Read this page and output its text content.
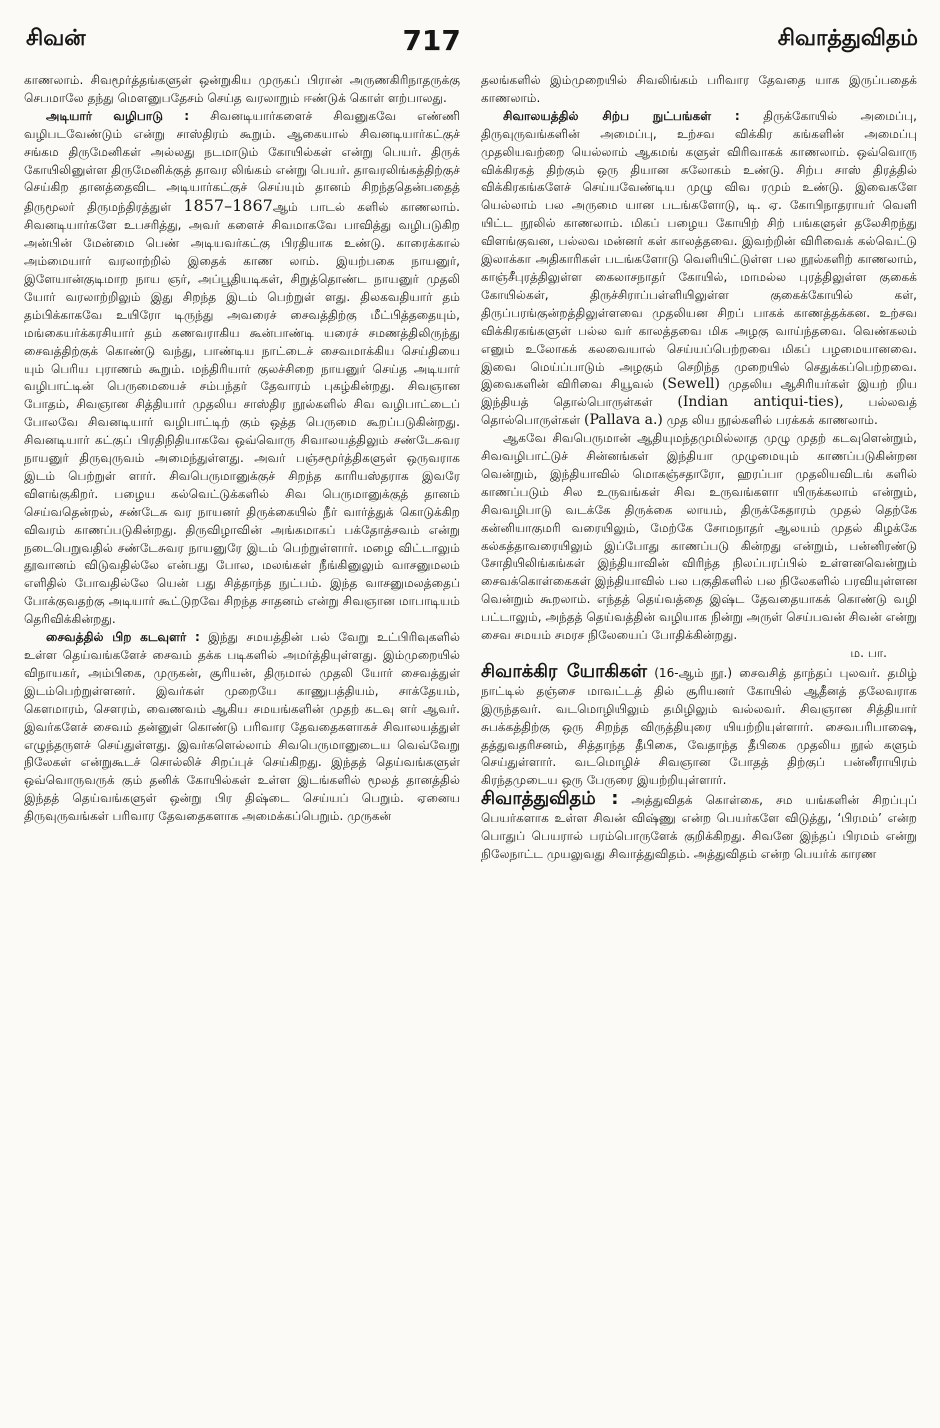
சிவன்	717	சிவாத்துவிதம்

காணலாம். சிவமூர்த்தங்களுள் ஒன்றுகிய முருகப் பிரான் அருணகிரிநாதருக்கு செபமாலே தந்து மௌனுபதேசம் செய்த வரலாறும் ஈண்டுக் கொள் ளற்பாலது.

அடியார் வழிபாடு : சிவனடியார்களைச் சிவனுகவே எண்ணி வழிபடவேண்டும் என்று சாஸ்திரம் கூறும். ஆகையால் சிவனடியார்கட்குச் சங்கம திருமேனிகள் அல்லது நடமாடும் கோயில்கள் என்று பெயர். திருக் கோயிலினுள்ள திருமேனிக்குத் தாவர லிங்கம் என்று பெயர். தாவரலிங்கத்திற்குச் செய்கிற தானத்தைவிட அடியார்கட்குச் செய்யும் தானம் சிறந்ததென்பதைத் திருமூலர் திருமந்திரத்துள் 1857–1867ஆம் பாடல் களில் காணலாம். சிவனடியார்களே உபசரித்து, அவர் களைச் சிவமாகவே பாவித்து வழிபடுகிற அன்பின் மேன்மை பெண் அடியவர்கட்கு பிரதியாக உண்டு. காரைக்கால் அம்மையார் வரலாற்றில் இதைக் காண லாம். இயற்பகை நாயனுர், இளேயான்குடிமாற நாய ஞர், அப்பூதியடிகள், சிறுத்தொண்ட நாயனுர் முதலி யோர் வரலாற்றிலும் இது சிறந்த இடம் பெற்றுள் ளது. திலகவதியார் தம் தம்பிக்காகவே உயிரோ டிருந்து அவரைச் சைவத்திற்கு மீட்பித்ததையும், மங்கையர்க்கரசியார் தம் கணவராகிய கூன்பாண்டி யரைச் சமணத்திலிருந்து சைவத்திற்குக் கொண்டு வந்து, பாண்டிய நாட்டைச் சைவமாக்கிய செய்தியை யும் பெரிய புராணம் கூறும். மந்திரியார் குலச்சிறை நாயனுர் செய்த அடியார் வழிபாட்டின் பெருமையைச் சம்பந்தர் தேவாரம் புகழ்கின்றது. சிவஞான போதம், சிவஞான சித்தியார் முதலிய சாஸ்திர நூல்களில் சிவ வழிபாட்டைப் போலவே சிவனடியார் வழிபாட்டிற் கும் ஒத்த பெருமை கூறப்படுகின்றது. சிவனடியார் கட்குப் பிரதிநிதியாகவே ஒவ்வொரு சிவாலயத்திலும் சண்டேசுவர நாயனுர் திருவுருவம் அமைந்துள்ளது. அவர் பஞ்சமூர்த்திகளுள் ஒருவராக இடம் பெற்றுள் ளார். சிவபெருமானுக்குச் சிறந்த காரியஸ்தராக இவரே விளங்குகிறர். பழைய கல்வெட்டுக்களில் சிவ பெருமானுக்குத் தானம் செய்வதென்றல், சண்டேசு வர நாயனர் திருக்கையில் நீர் வார்த்துக் கொடுக்கிற விவரம் காணப்படுகின்றது. திருவிழாவின் அங்கமாகப் பக்தோத்சவம் என்று நடைபெறுவதில் சண்டேசுவர நாயனுரே இடம் பெற்றுள்ளார். மழை விட்டாலும் தூவானம் விடுவதில்லே என்பது போல, மலங்கள் நீங்கினுலும் வாசனுமலம் எளிதில் போவதில்லே யென் பது சித்தாந்த நுட்பம். இந்த வாசனுமலத்தைப் போக்குவதற்கு அடியார் கூட்டுறவே சிறந்த சாதனம் என்று சிவஞான மாபாடியம் தெரிவிக்கின்றது.

சைவத்தில் பிற கடவுளர் : இந்து சமயத்தின் பல் வேறு உட்பிரிவுகளில் உள்ள தெய்வங்களேச் சைவம் தக்க படிகளில் அமர்த்தியுள்ளது. இம்முறையில் விநாயகர், அம்பிகை, முருகன், சூரியன், திருமால் முதலி யோர் சைவத்துள் இடம்பெற்றுள்ளனர். இவர்கள் முறையே காணுபத்தியம், சாக்தேயம், கௌமாரம், சௌரம், வைணவம் ஆகிய சமயங்களின் முதற் கடவு ளர் ஆவர். இவர்களேச் சைவம் தன்னுள் கொண்டு பரிவார தேவதைகளாகச் சிவாலயத்துள் எழுந்தருளச் செய்துள்ளது. இவர்களெல்லாம் சிவபெருமானுடைய வெவ்வேறு நிலேகள் என்றுகூடச் சொல்லிச் சிறப்புச் செய்கிறது. இந்தத் தெய்வங்களுள் ஒவ்வொருவருக் கும் தனிக் கோயில்கள் உள்ள இடங்களில் மூலத் தானத்தில் இந்தத் தெய்வங்களுள் ஒன்று பிர திஷ்டை செய்யப் பெறும். ஏனைய திருவுருவங்கள் பரிவார தேவதைகளாக அமைக்கப்பெறும். முருகன்

தலங்களில் இம்முறையில் சிவலிங்கம் பரிவார தேவதை யாக இருப்பதைக் காணலாம்.

சிவாலயத்தில் சிற்ப நுட்பங்கள் : திருக்கோயில் அமைப்பு, திருவுருவங்களின் அமைப்பு, உற்சவ விக்கிர கங்களின் அமைப்பு முதலியவற்றை யெல்லாம் ஆகமங் களுள் விரிவாகக் காணலாம். ஒவ்வொரு விக்கிரகத் திற்கும் ஒரு தியான சுலோகம் உண்டு. சிற்ப சாஸ் திரத்தில் விக்கிரகங்களேச் செய்யவேண்டிய முழு விவ ரமும் உண்டு. இவைகளே யெல்லாம் பல அருமை யான படங்களோடு, டி. ஏ. கோபிநாதராயர் வெளி யிட்ட நூலில் காணலாம். மிகப் பழைய கோயிற் சிற் பங்களுள் தலேசிறந்து விளங்குவன, பல்லவ மன்னர் கள் காலத்தவை. இவற்றின் விரிவைக் கல்வெட்டு இலாக்கா அதிகாரிகள் படங்களோடு வெளியிட்டுள்ள பல நூல்களிற் காணலாம், காஞ்சீபுரத்திலுள்ள கைலாசநாதர் கோயில், மாமல்ல புரத்திலுள்ள குகைக் கோயில்கள், திருச்சிராப்பள்ளியிலுள்ள குகைக்கோயில் கள், திருப்பரங்குன்றத்திலுள்ளவை முதலியன சிறப் பாகக் காணத்தக்கன. உற்சவ விக்கிரகங்களுள் பல்ல வர் காலத்தவை மிக அழகு வாய்ந்தவை. வெண்கலம் எனும் உலோகக் கலவையால் செய்யப்பெற்றவை மிகப் பழமையானவை. இவை மெய்ப்பாடும் அழகும் செறிந்த முறையில் செதுக்கப்பெற்றவை. இவைகளின் விரிவை சியூவல் (Sewell) முதலிய ஆசிரியர்கள் இயற் றிய இந்தியத் தொல்பொருள்கள் (Indian antiqui-ties), பல்லவத் தொல்பொருள்கள் (Pallava a.) முத லிய நூல்களில் பரக்கக் காணலாம்.

ஆகவே சிவபெருமான் ஆதியுமந்தமுமில்லாத முழு முதற் கடவுளென்றும், சிவவழிபாட்டுச் சின்னங்கள் இந்தியா முழுமையும் காணப்படுகின்றன வென்றும், இந்தியாவில் மொகஞ்சதாரோ, ஹரப்பா முதலியவிடங் களில் காணப்படும் சில உருவங்கள் சிவ உருவங்களா யிருக்கலாம் என்றும், சிவவழிபாடு வடக்கே திருக்கை லாயம், திருக்கேதாரம் முதல் தெற்கே கன்னியாகுமரி வரையிலும், மேற்கே சோமநாதர் ஆலயம் முதல் கிழக்கே கல்கத்தாவரையிலும் இப்போது காணப்படு கின்றது என்றும், பன்னிரண்டு சோதியிலிங்கங்கள் இந்தியாவின் விரிந்த நிலப்பரப்பில் உள்ளனவென்றும் சைவக்கொள்கைகள் இந்தியாவில் பல பகுதிகளில் பல நிலேகளில் பரவியுள்ளன வென்றும் கூறலாம். எந்தத் தெய்வத்தை இஷ்ட தேவதையாகக் கொண்டு வழி பட்டாலும், அந்தத் தெய்வத்தின் வழியாக நின்று அருள் செய்பவன் சிவன் என்று சைவ சமயம் சமரச நிலேயைப் போதிக்கின்றது.

ம. பா.

சிவாக்கிர யோகிகள் (16-ஆம் நூ.) சைவசித் தாந்தப் புலவர். தமிழ் நாட்டில் தஞ்சை மாவட்டத் தில் சூரியனர் கோயில் ஆதீனத் தலேவராக இருந்தவர். வடமொழியிலும் தமிழிலும் வல்லவர். சிவஞான சித்தியார் சுபக்கத்திற்கு ஒரு சிறந்த விருத்தியுரை யியற்றியுள்ளார். சைவபரிபாஷை, தத்துவதரிசனம், சித்தாந்த தீபிகை, வேதாந்த தீபிகை முதலிய நூல் களும் செய்துள்ளார். வடமொழிச் சிவஞான போதத் திற்குப் பன்னீராயிரம் கிரந்தமுடைய ஒரு பேருரை இயற்றியுள்ளார்.

சிவாத்துவிதம் : அத்துவிதக் கொள்கை, சம யங்களின் சிறப்புப் பெயர்களாக உள்ள சிவன் விஷ்ணு என்ற பெயர்களே விடுத்து, ‘பிரமம்’ என்ற பொதுப் பெயரால் பரம்பொருளேக் குறிக்கிறது. சிவனே இந்தப் பிரமம் என்று நிலேநாட்ட முயலுவது சிவாத்துவிதம். அத்துவிதம் என்ற பெயர்க் காரண
